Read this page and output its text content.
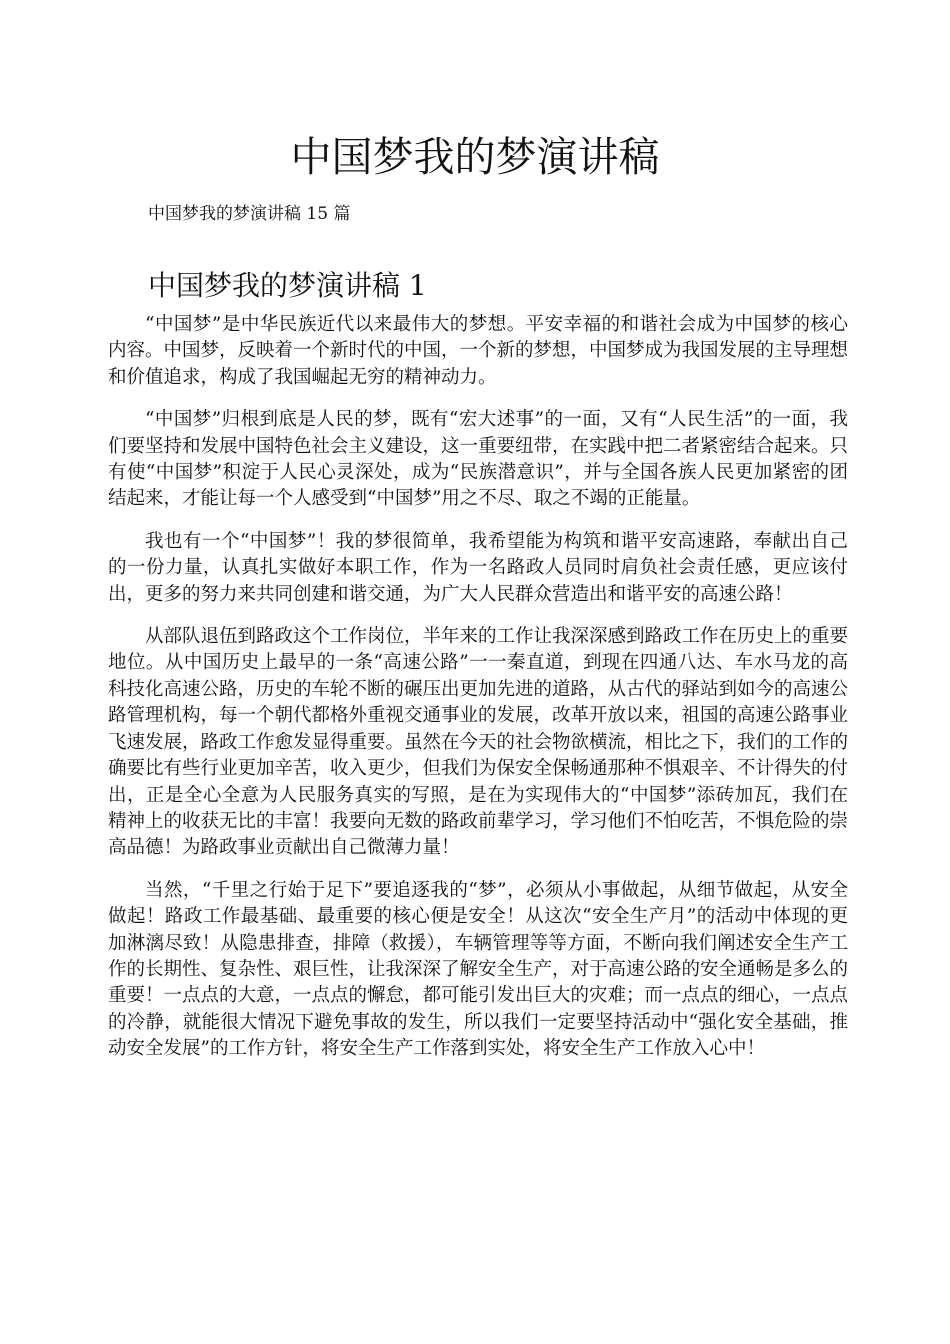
中国梦我的梦演讲稿
中国梦我的梦演讲稿 15 篇
中国梦我的梦演讲稿 1

“中国梦”是中华民族近代以来最伟大的梦想。平安幸福的和谐社会成为中国梦的核心内容。中国梦，反映着一个新时代的中国，一个新的梦想，中国梦成为我国发展的主导理想和价值追求，构成了我国崛起无穷的精神动力。

“中国梦”归根到底是人民的梦，既有“宏大述事”的一面，又有“人民生活”的一面，我们要坚持和发展中国特色社会主义建设，这一重要纽带，在实践中把二者紧密结合起来。只有使“中国梦”积淀于人民心灵深处，成为“民族潜意识”，并与全国各族人民更加紧密的团结起来，才能让每一个人感受到“中国梦”用之不尽、取之不竭的正能量。

我也有一个“中国梦”！我的梦很简单，我希望能为构筑和谐平安高速路，奉献出自己的一份力量，认真扎实做好本职工作，作为一名路政人员同时肩负社会责任感，更应该付出，更多的努力来共同创建和谐交通，为广大人民群众营造出和谐平安的高速公路！

从部队退伍到路政这个工作岗位，半年来的工作让我深深感到路政工作在历史上的重要地位。从中国历史上最早的一条“高速公路”一一秦直道，到现在四通八达、车水马龙的高科技化高速公路，历史的车轮不断的碾压出更加先进的道路，从古代的驿站到如今的高速公路管理机构，每一个朝代都格外重视交通事业的发展，改革开放以来，祖国的高速公路事业飞速发展，路政工作愈发显得重要。虽然在今天的社会物欲横流，相比之下，我们的工作的确要比有些行业更加辛苦，收入更少，但我们为保安全保畅通那种不惧艰辛、不计得失的付出，正是全心全意为人民服务真实的写照，是在为实现伟大的“中国梦”添砖加瓦，我们在精神上的收获无比的丰富！我要向无数的路政前辈学习，学习他们不怕吃苦，不惧危险的崇高品德！为路政事业贡献出自己微薄力量！

当然，“千里之行始于足下”要追逐我的“梦”，必须从小事做起，从细节做起，从安全做起！路政工作最基础、最重要的核心便是安全！从这次“安全生产月”的活动中体现的更加淋漓尽致！从隐患排查，排障（救援），车辆管理等等方面，不断向我们阐述安全生产工作的长期性、复杂性、艰巨性，让我深深了解安全生产，对于高速公路的安全通畅是多么的重要！一点点的大意，一点点的懈怠，都可能引发出巨大的灾难；而一点点的细心，一点点的冷静，就能很大情况下避免事故的发生，所以我们一定要坚持活动中“强化安全基础，推动安全发展”的工作方针，将安全生产工作落到实处，将安全生产工作放入心中！
